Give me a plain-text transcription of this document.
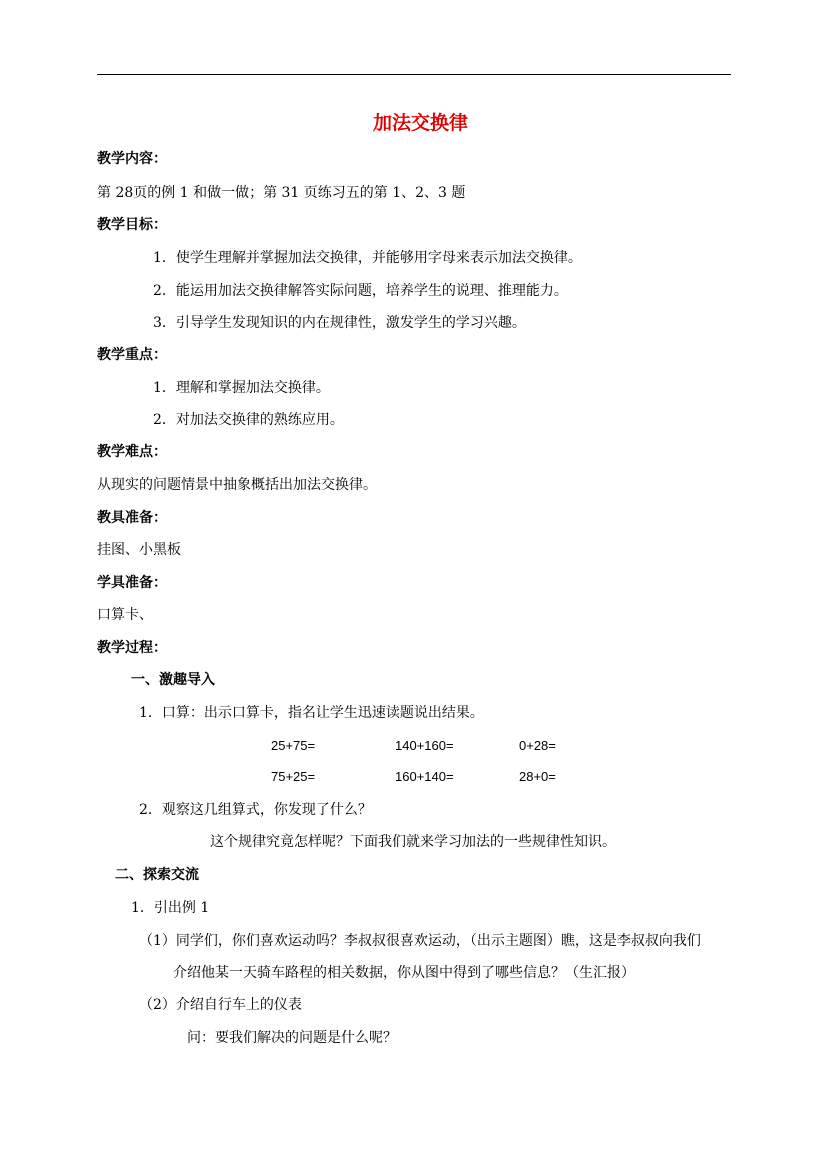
加法交换律
教学内容：
第 28页的例 1 和做一做；第 31 页练习五的第 1、2、3 题
教学目标：
1．使学生理解并掌握加法交换律，并能够用字母来表示加法交换律。
2．能运用加法交换律解答实际问题，培养学生的说理、推理能力。
3．引导学生发现知识的内在规律性，激发学生的学习兴趣。
教学重点：
1．理解和掌握加法交换律。
2．对加法交换律的熟练应用。
教学难点：
从现实的问题情景中抽象概括出加法交换律。
教具准备：
挂图、小黑板
学具准备：
口算卡、
教学过程：
一、激趣导入
1．口算：出示口算卡，指名让学生迅速读题说出结果。
25+75=	140+160=	0+28=
75+25=	160+140=	28+0=
2．观察这几组算式，你发现了什么？
这个规律究竟怎样呢？下面我们就来学习加法的一些规律性知识。
二、探索交流
1．引出例 1
（1）同学们，你们喜欢运动吗？李叔叔很喜欢运动，（出示主题图）瞧，这是李叔叔向我们
介绍他某一天骑车路程的相关数据，你从图中得到了哪些信息？（生汇报）
（2）介绍自行车上的仪表
问：要我们解决的问题是什么呢？
